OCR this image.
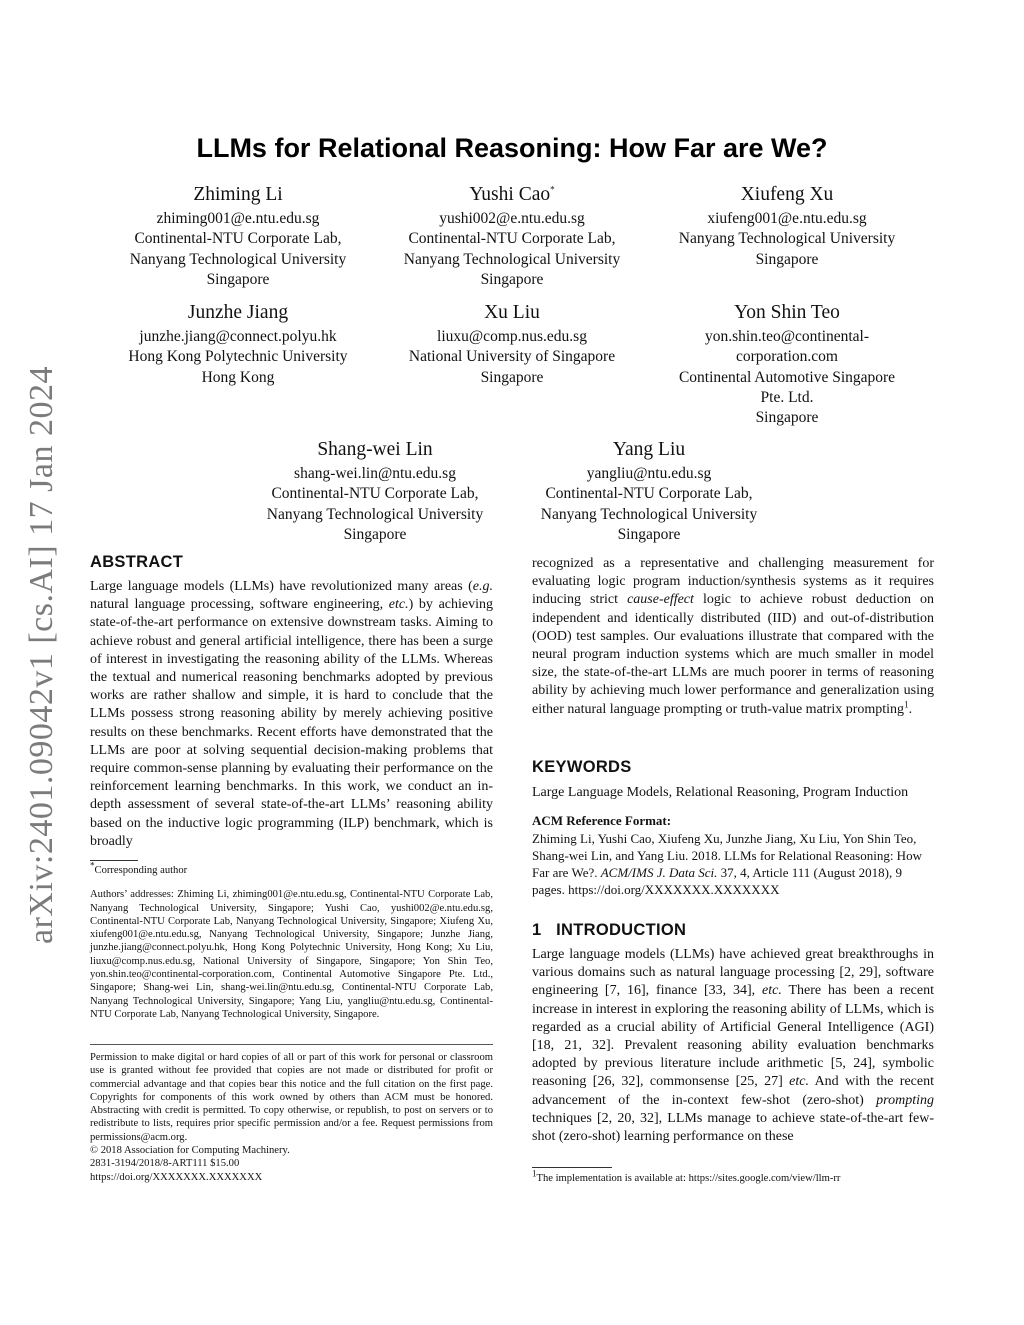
arXiv:2401.09042v1 [cs.AI] 17 Jan 2024
LLMs for Relational Reasoning: How Far are We?
Zhiming Li
zhiming001@e.ntu.edu.sg
Continental-NTU Corporate Lab,
Nanyang Technological University
Singapore
Yushi Cao*
yushi002@e.ntu.edu.sg
Continental-NTU Corporate Lab,
Nanyang Technological University
Singapore
Xiufeng Xu
xiufeng001@e.ntu.edu.sg
Nanyang Technological University
Singapore
Junzhe Jiang
junzhe.jiang@connect.polyu.hk
Hong Kong Polytechnic University
Hong Kong
Xu Liu
liuxu@comp.nus.edu.sg
National University of Singapore
Singapore
Yon Shin Teo
yon.shin.teo@continental-
corporation.com
Continental Automotive Singapore
Pte. Ltd.
Singapore
Shang-wei Lin
shang-wei.lin@ntu.edu.sg
Continental-NTU Corporate Lab,
Nanyang Technological University
Singapore
Yang Liu
yangliu@ntu.edu.sg
Continental-NTU Corporate Lab,
Nanyang Technological University
Singapore
ABSTRACT

Large language models (LLMs) have revolutionized many areas (e.g. natural language processing, software engineering, etc.) by achieving state-of-the-art performance on extensive downstream tasks. Aiming to achieve robust and general artificial intelligence, there has been a surge of interest in investigating the reasoning ability of the LLMs. Whereas the textual and numerical reasoning benchmarks adopted by previous works are rather shallow and simple, it is hard to conclude that the LLMs possess strong reasoning ability by merely achieving positive results on these benchmarks. Recent efforts have demonstrated that the LLMs are poor at solving sequential decision-making problems that require common-sense planning by evaluating their performance on the reinforcement learning benchmarks. In this work, we conduct an in-depth assessment of several state-of-the-art LLMs’ reasoning ability based on the inductive logic programming (ILP) benchmark, which is broadly

*Corresponding author

Authors’ addresses: Zhiming Li, zhiming001@e.ntu.edu.sg, Continental-NTU Corporate Lab, Nanyang Technological University, Singapore; Yushi Cao, yushi002@e.ntu.edu.sg, Continental-NTU Corporate Lab, Nanyang Technological University, Singapore; Xiufeng Xu, xiufeng001@e.ntu.edu.sg, Nanyang Technological University, Singapore; Junzhe Jiang, junzhe.jiang@connect.polyu.hk, Hong Kong Polytechnic University, Hong Kong; Xu Liu, liuxu@comp.nus.edu.sg, National University of Singapore, Singapore; Yon Shin Teo, yon.shin.teo@continental-corporation.com, Continental Automotive Singapore Pte. Ltd., Singapore; Shang-wei Lin, shang-wei.lin@ntu.edu.sg, Continental-NTU Corporate Lab, Nanyang Technological University, Singapore; Yang Liu, yangliu@ntu.edu.sg, Continental-NTU Corporate Lab, Nanyang Technological University, Singapore.

Permission to make digital or hard copies of all or part of this work for personal or classroom use is granted without fee provided that copies are not made or distributed for profit or commercial advantage and that copies bear this notice and the full citation on the first page. Copyrights for components of this work owned by others than ACM must be honored. Abstracting with credit is permitted. To copy otherwise, or republish, to post on servers or to redistribute to lists, requires prior specific permission and/or a fee. Request permissions from permissions@acm.org.

© 2018 Association for Computing Machinery.

2831-3194/2018/8-ART111 $15.00

https://doi.org/XXXXXXX.XXXXXXX

recognized as a representative and challenging measurement for evaluating logic program induction/synthesis systems as it requires inducing strict cause-effect logic to achieve robust deduction on independent and identically distributed (IID) and out-of-distribution (OOD) test samples. Our evaluations illustrate that compared with the neural program induction systems which are much smaller in model size, the state-of-the-art LLMs are much poorer in terms of reasoning ability by achieving much lower performance and generalization using either natural language prompting or truth-value matrix prompting$^1$.

KEYWORDS

Large Language Models, Relational Reasoning, Program Induction

ACM Reference Format:

Zhiming Li, Yushi Cao, Xiufeng Xu, Junzhe Jiang, Xu Liu, Yon Shin Teo, Shang-wei Lin, and Yang Liu. 2018. LLMs for Relational Reasoning: How Far are We?. ACM/IMS J. Data Sci. 37, 4, Article 111 (August 2018), 9 pages. https://doi.org/XXXXXXX.XXXXXXX

1   INTRODUCTION

Large language models (LLMs) have achieved great breakthroughs in various domains such as natural language processing [2, 29], software engineering [7, 16], finance [33, 34], etc. There has been a recent increase in interest in exploring the reasoning ability of LLMs, which is regarded as a crucial ability of Artificial General Intelligence (AGI) [18, 21, 32]. Prevalent reasoning ability evaluation benchmarks adopted by previous literature include arithmetic [5, 24], symbolic reasoning [26, 32], commonsense [25, 27] etc. And with the recent advancement of the in-context few-shot (zero-shot) prompting techniques [2, 20, 32], LLMs manage to achieve state-of-the-art few-shot (zero-shot) learning performance on these

$^1$The implementation is available at: https://sites.google.com/view/llm-rr
